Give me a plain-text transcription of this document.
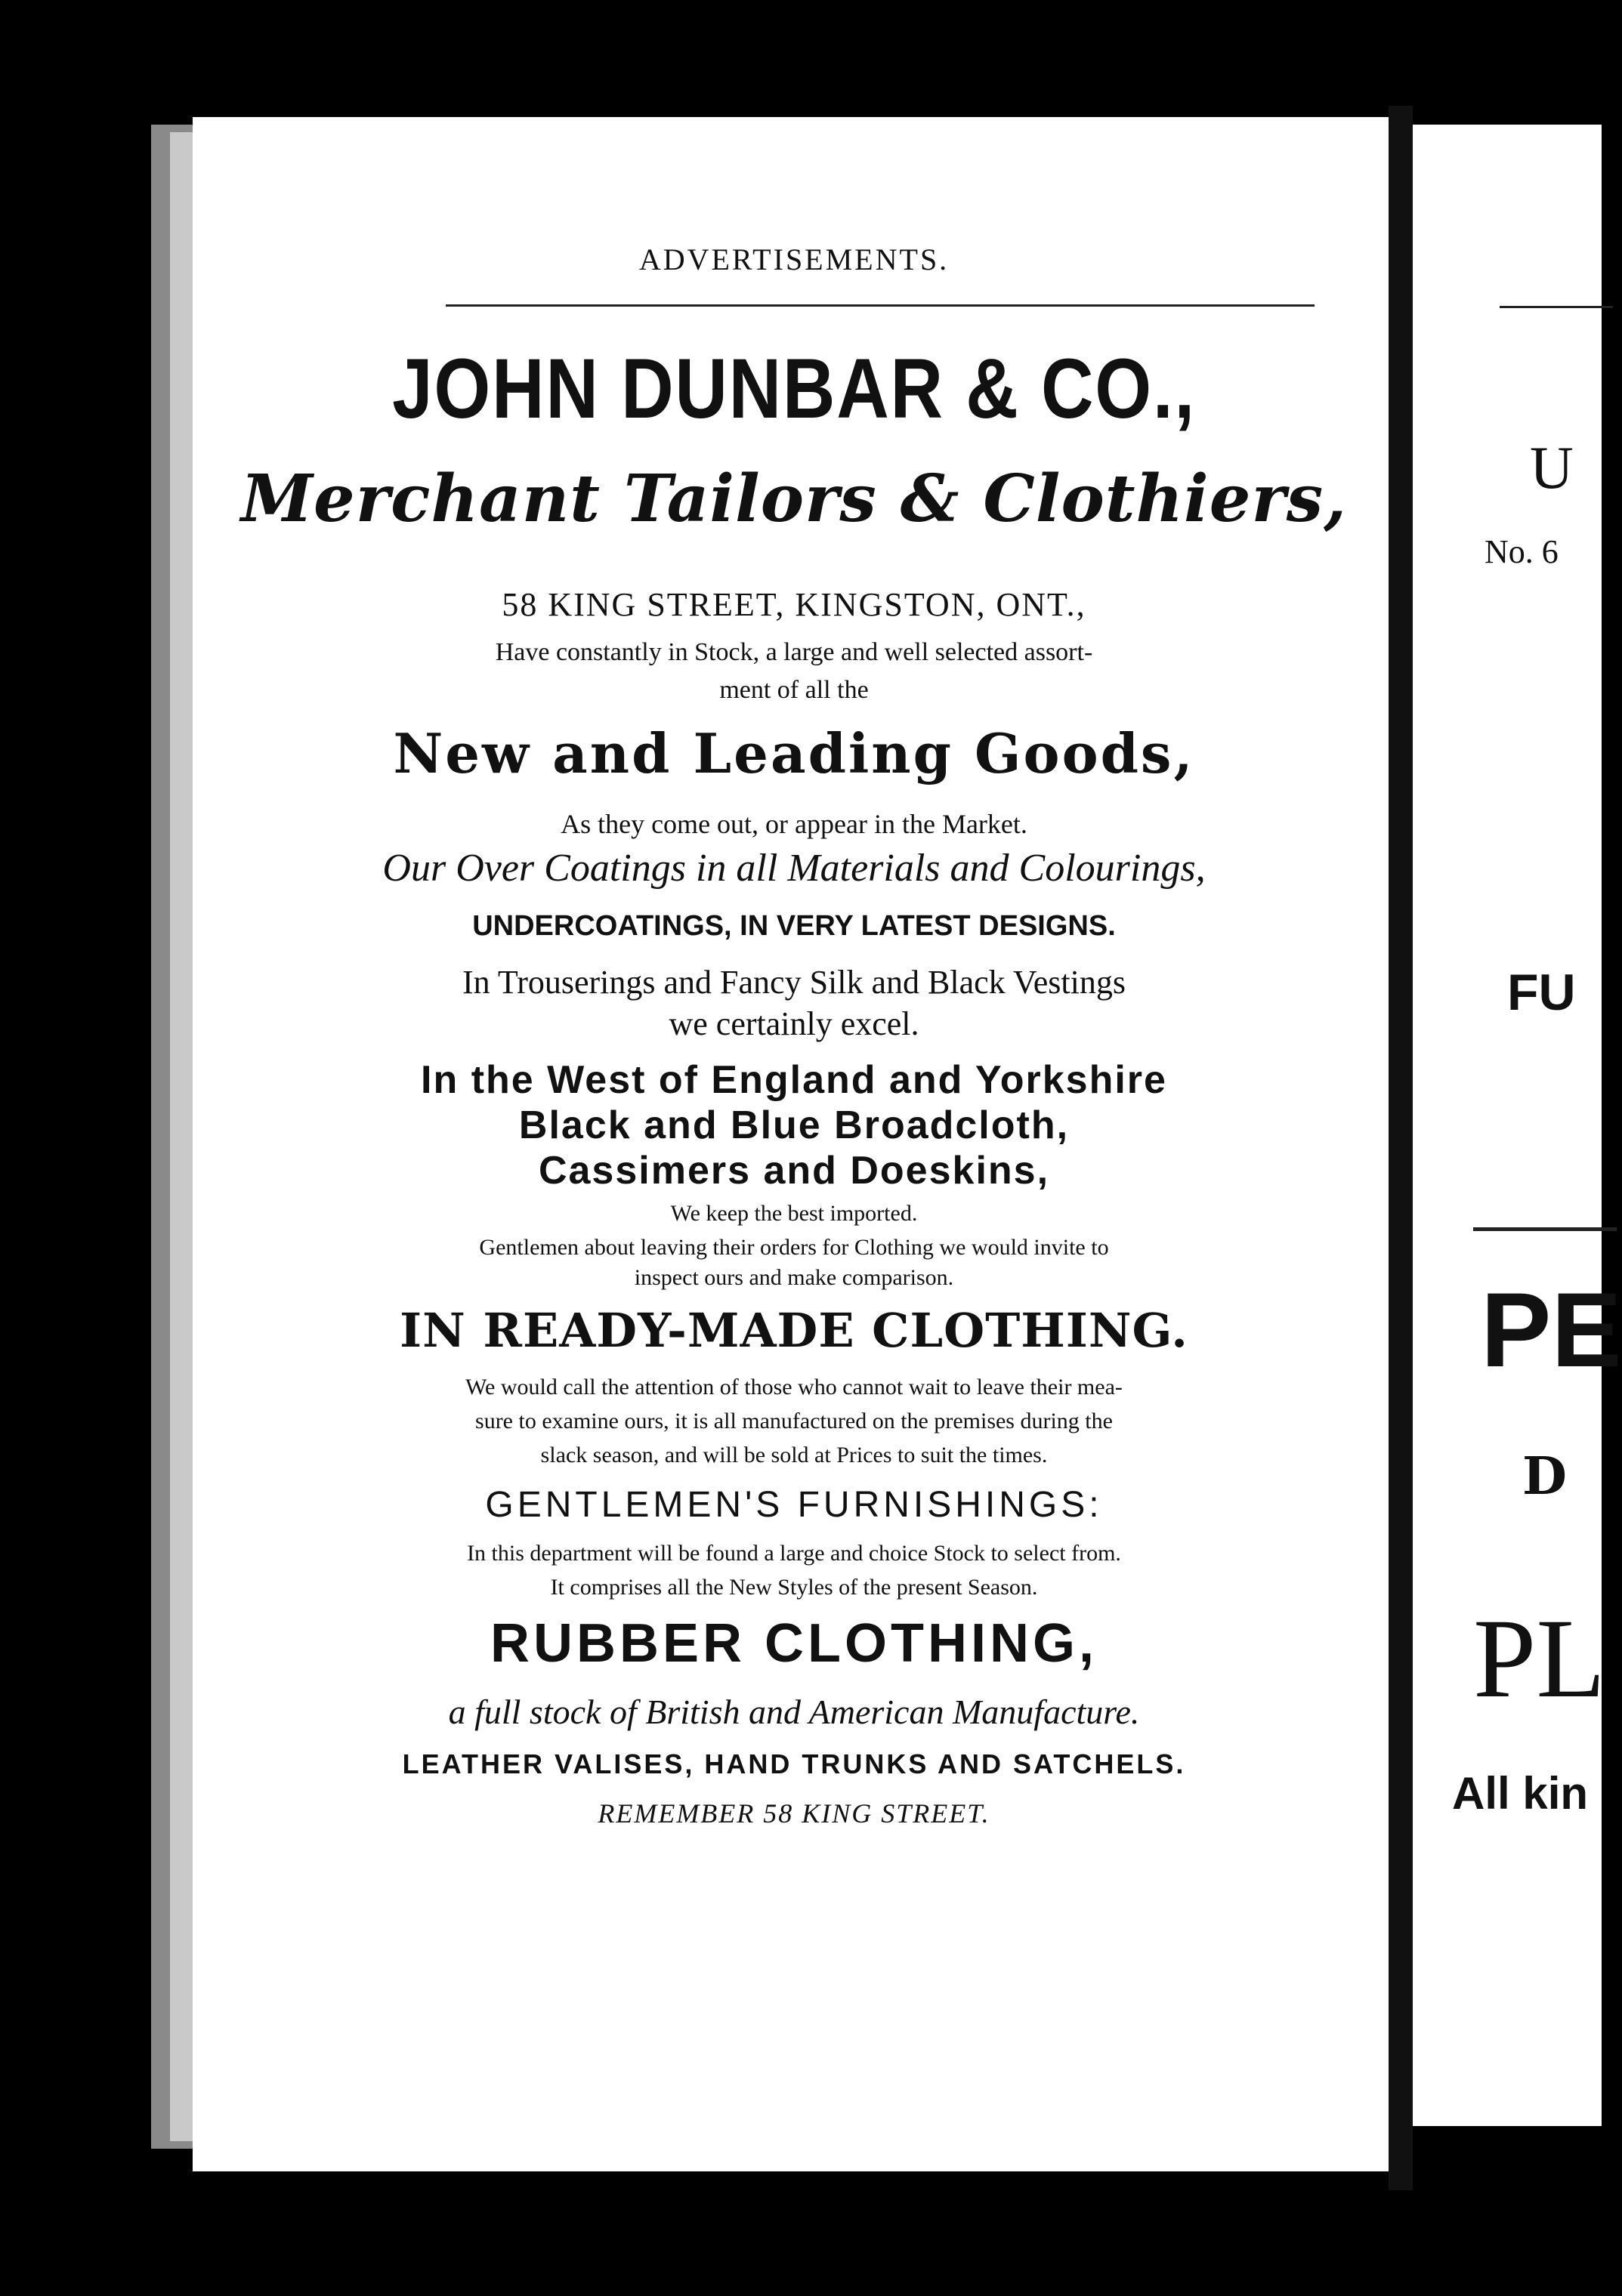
ADVERTISEMENTS.
JOHN DUNBAR & CO.,
Merchant Tailors & Clothiers,
58 KING STREET, KINGSTON, ONT.,
Have constantly in Stock, a large and well selected assort-
ment of all the
New and Leading Goods,
As they come out, or appear in the Market.
Our Over Coatings in all Materials and Colourings,
UNDERCOATINGS, IN VERY LATEST DESIGNS.
In Trouserings and Fancy Silk and Black Vestings
we certainly excel.
In the West of England and Yorkshire
Black and Blue Broadcloth,
Cassimers and Doeskins,
We keep the best imported.
Gentlemen about leaving their orders for Clothing we would invite to
inspect ours and make comparison.
IN READY-MADE CLOTHING.
We would call the attention of those who cannot wait to leave their mea-
sure to examine ours, it is all manufactured on the premises during the
slack season, and will be sold at Prices to suit the times.
GENTLEMEN'S FURNISHINGS:
In this department will be found a large and choice Stock to select from.
It comprises all the New Styles of the present Season.
RUBBER CLOTHING,
a full stock of British and American Manufacture.
LEATHER VALISES, HAND TRUNKS AND SATCHELS.
REMEMBER 58 KING STREET.
U
No. 6
FU
PE
D
PL
All kin
